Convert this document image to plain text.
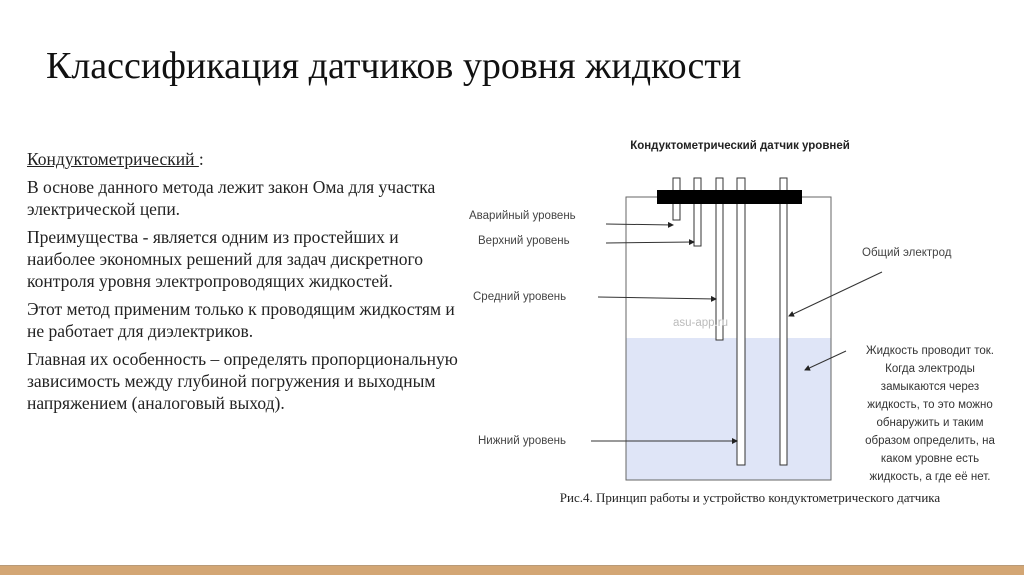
Классификация датчиков уровня жидкости

Кондуктометрический :

В основе данного метода лежит закон Ома для участка электрической цепи.

Преимущества - является одним из простейших и наиболее экономных решений для задач дискретного контроля уровня электропроводящих жидкостей.

Этот метод применим только к проводящим жидкостям и не работает для диэлектриков.

Главная их особенность – определять пропорциональную зависимость между глубиной погружения и выходным напряжением (аналоговый выход).

Кондуктометрический датчик уровней
Аварийный уровень
Верхний уровень
Средний уровень
Нижний уровень
Общий электрод
asu-app.ru
Жидкость проводит ток.
Когда электроды
замыкаются через
жидкость, то это можно
обнаружить и таким
образом определить, на
каком уровне есть
жидкость, а где её нет.
Рис.4. Принцип работы и устройство кондуктометрического датчика
